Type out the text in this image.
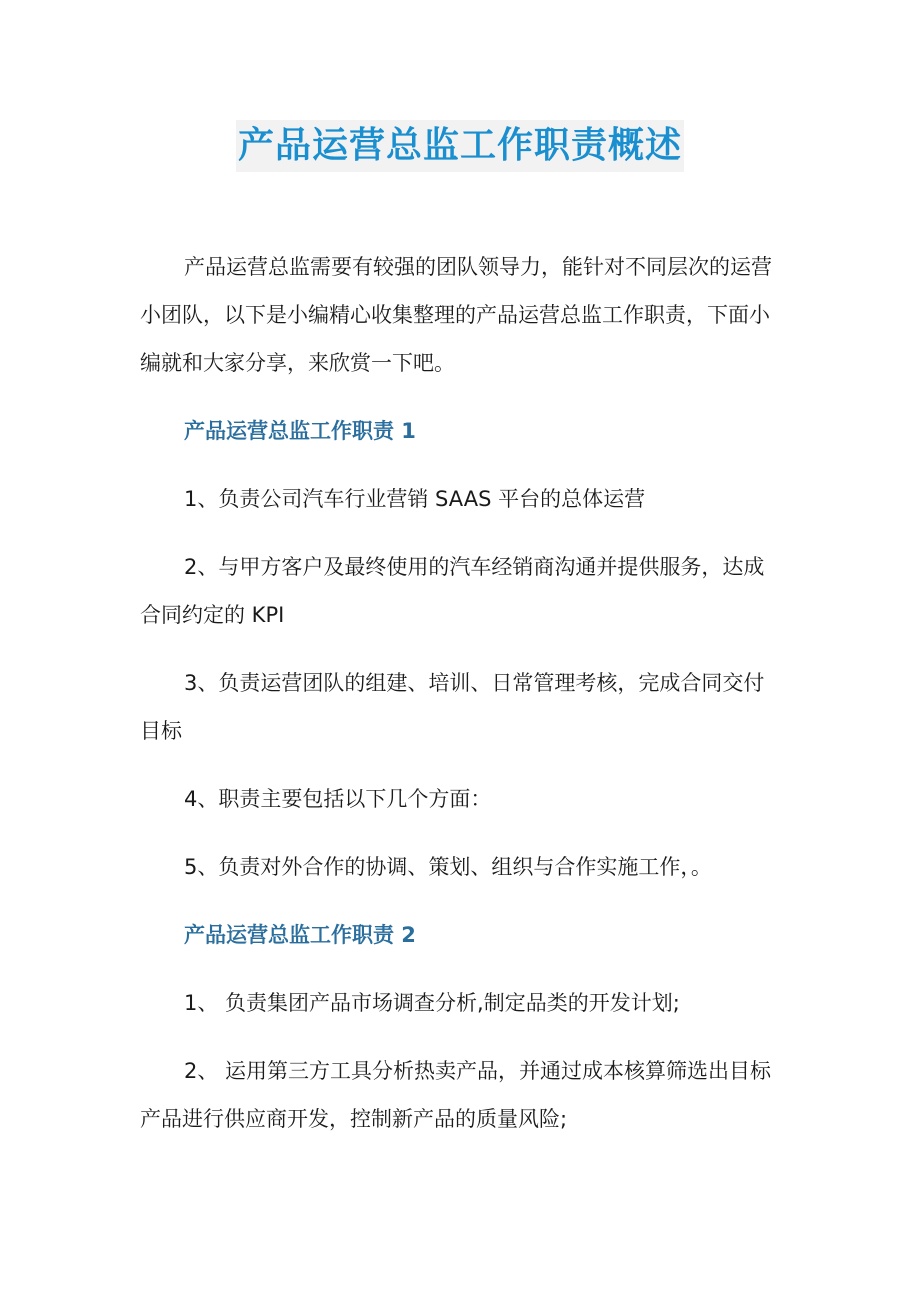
产品运营总监工作职责概述

产品运营总监需要有较强的团队领导力，能针对不同层次的运营小团队，以下是小编精心收集整理的产品运营总监工作职责，下面小编就和大家分享，来欣赏一下吧。

产品运营总监工作职责 1

1、负责公司汽车行业营销 SAAS 平台的总体运营

2、与甲方客户及最终使用的汽车经销商沟通并提供服务，达成合同约定的 KPI

3、负责运营团队的组建、培训、日常管理考核，完成合同交付目标

4、职责主要包括以下几个方面：

5、负责对外合作的协调、策划、组织与合作实施工作，。

产品运营总监工作职责 2

1、 负责集团产品市场调查分析,制定品类的开发计划;

2、 运用第三方工具分析热卖产品，并通过成本核算筛选出目标产品进行供应商开发，控制新产品的质量风险;
